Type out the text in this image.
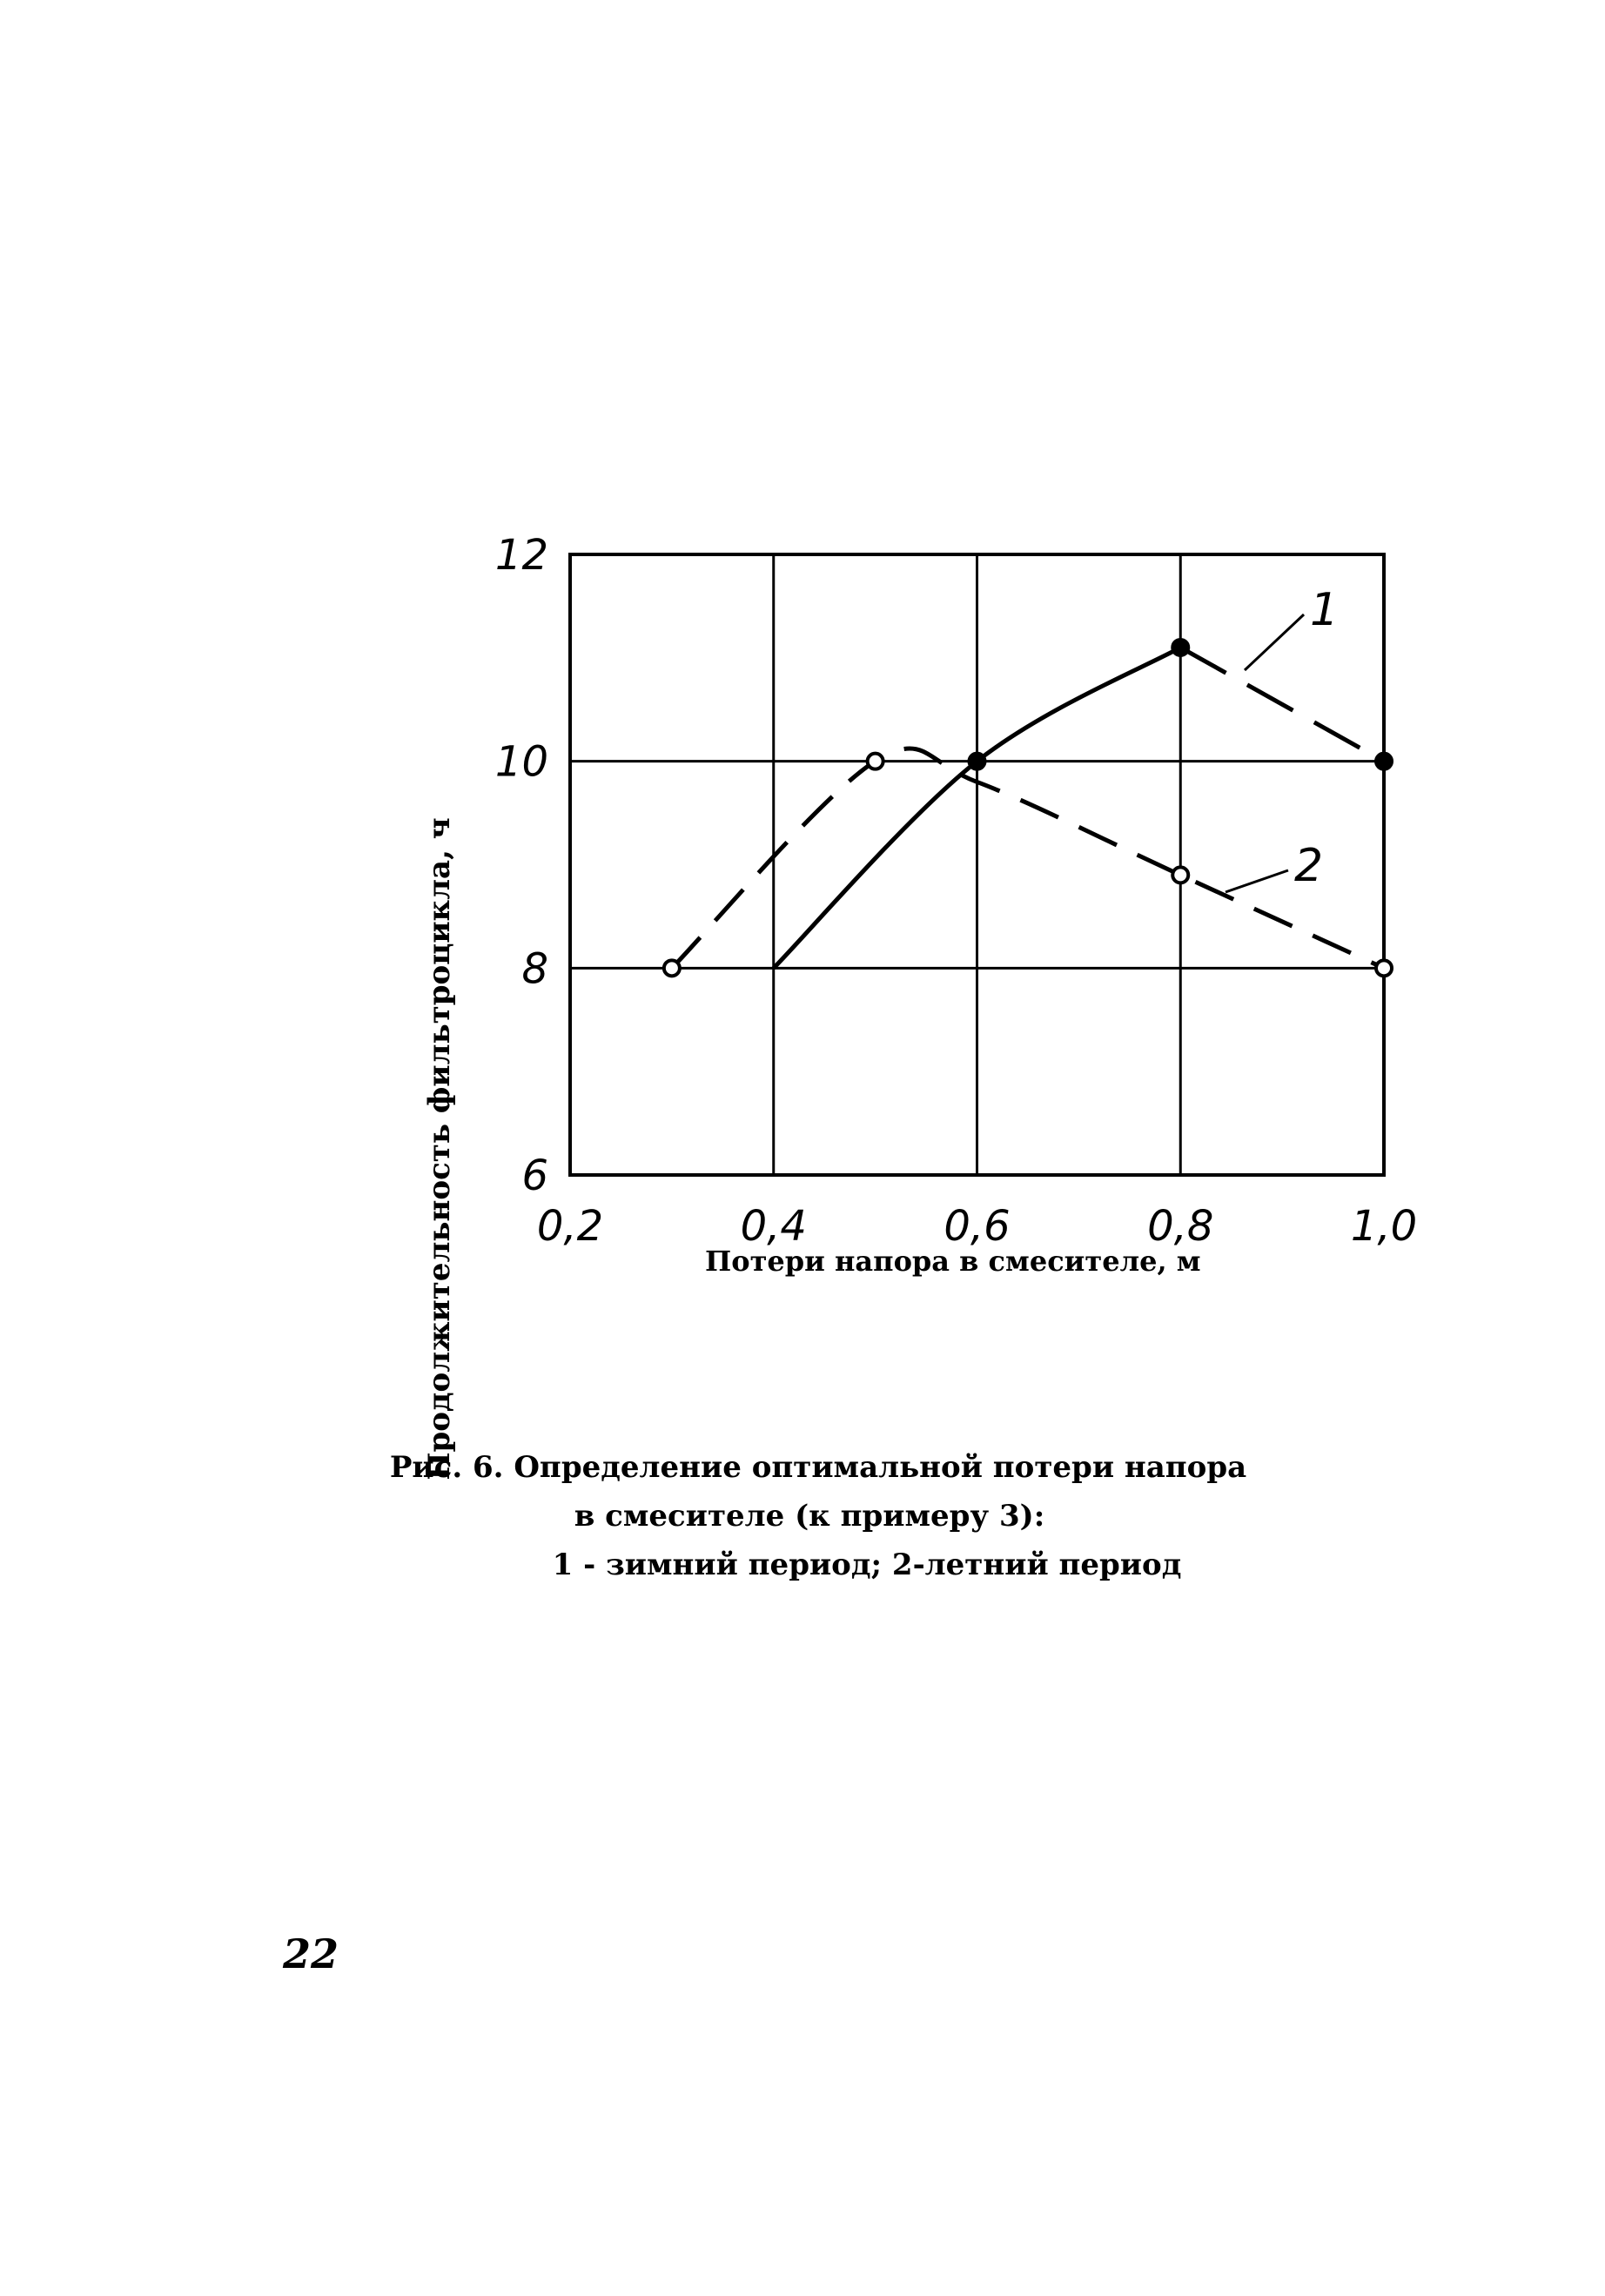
1
2
0,2	0,4	0,6	0,8	1,0
6
8
10
12
Продолжительность фильтроцикла, ч	Потери напора в смесителе, м
Рис. 6. Определение оптимальной потери напора
в смесителе (к примеру 3):
1 - зимний период; 2-летний период
22
